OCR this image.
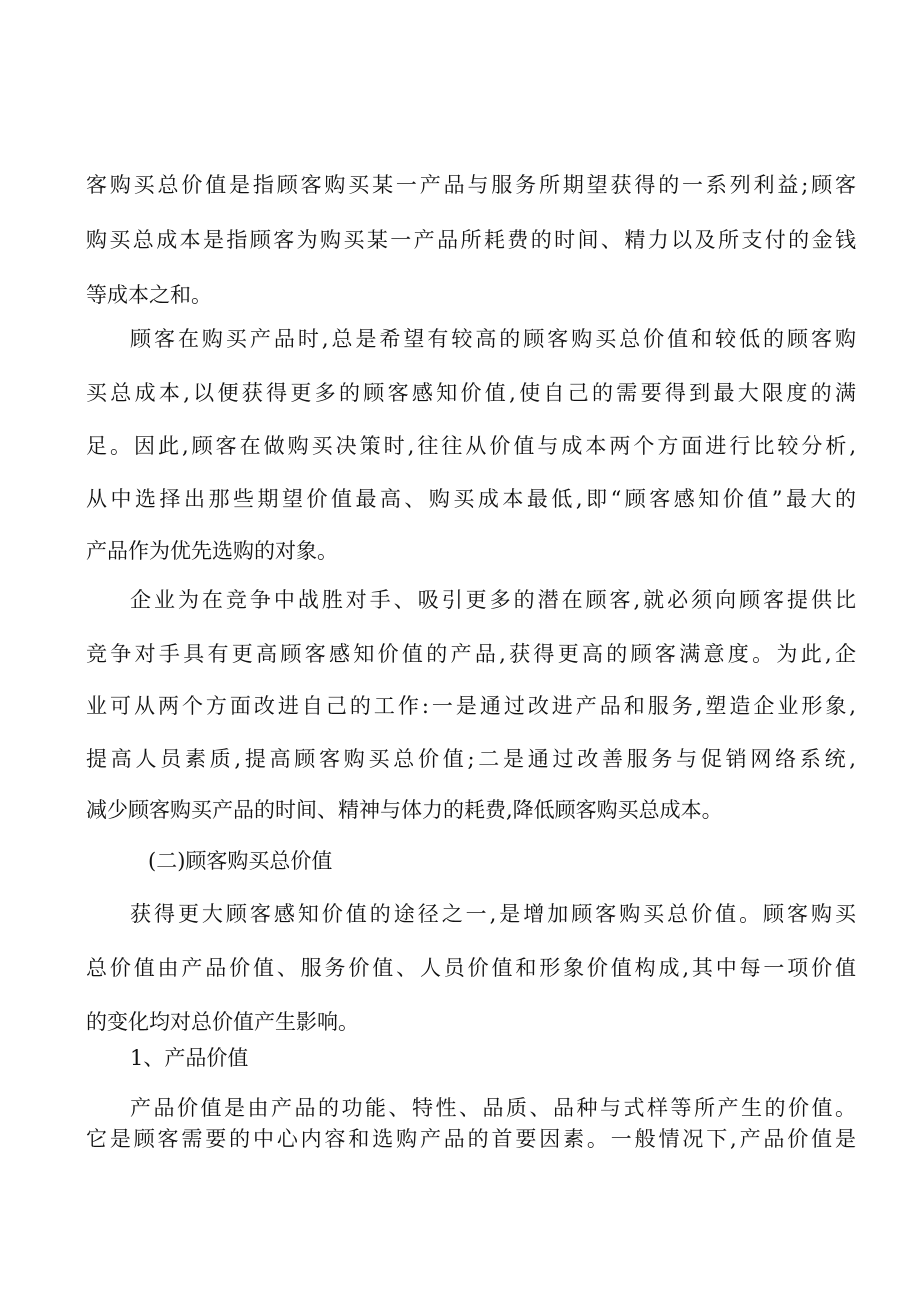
客购买总价值是指顾客购买某一产品与服务所期望获得的一系列利益;顾客
购买总成本是指顾客为购买某一产品所耗费的时间、精力以及所支付的金钱
等成本之和。
顾客在购买产品时,总是希望有较高的顾客购买总价值和较低的顾客购
买总成本,以便获得更多的顾客感知价值,使自己的需要得到最大限度的满
足。因此,顾客在做购买决策时,往往从价值与成本两个方面进行比较分析,
从中选择出那些期望价值最高、购买成本最低,即“顾客感知价值”最大的
产品作为优先选购的对象。
企业为在竞争中战胜对手、吸引更多的潜在顾客,就必须向顾客提供比
竞争对手具有更高顾客感知价值的产品,获得更高的顾客满意度。为此,企
业可从两个方面改进自己的工作:一是通过改进产品和服务,塑造企业形象,
提高人员素质,提高顾客购买总价值;二是通过改善服务与促销网络系统,
减少顾客购买产品的时间、精神与体力的耗费,降低顾客购买总成本。
(二)顾客购买总价值
获得更大顾客感知价值的途径之一,是增加顾客购买总价值。顾客购买
总价值由产品价值、服务价值、人员价值和形象价值构成,其中每一项价值
的变化均对总价值产生影响。
1、产品价值
产品价值是由产品的功能、特性、品质、品种与式样等所产生的价值。
它是顾客需要的中心内容和选购产品的首要因素。一般情况下,产品价值是
